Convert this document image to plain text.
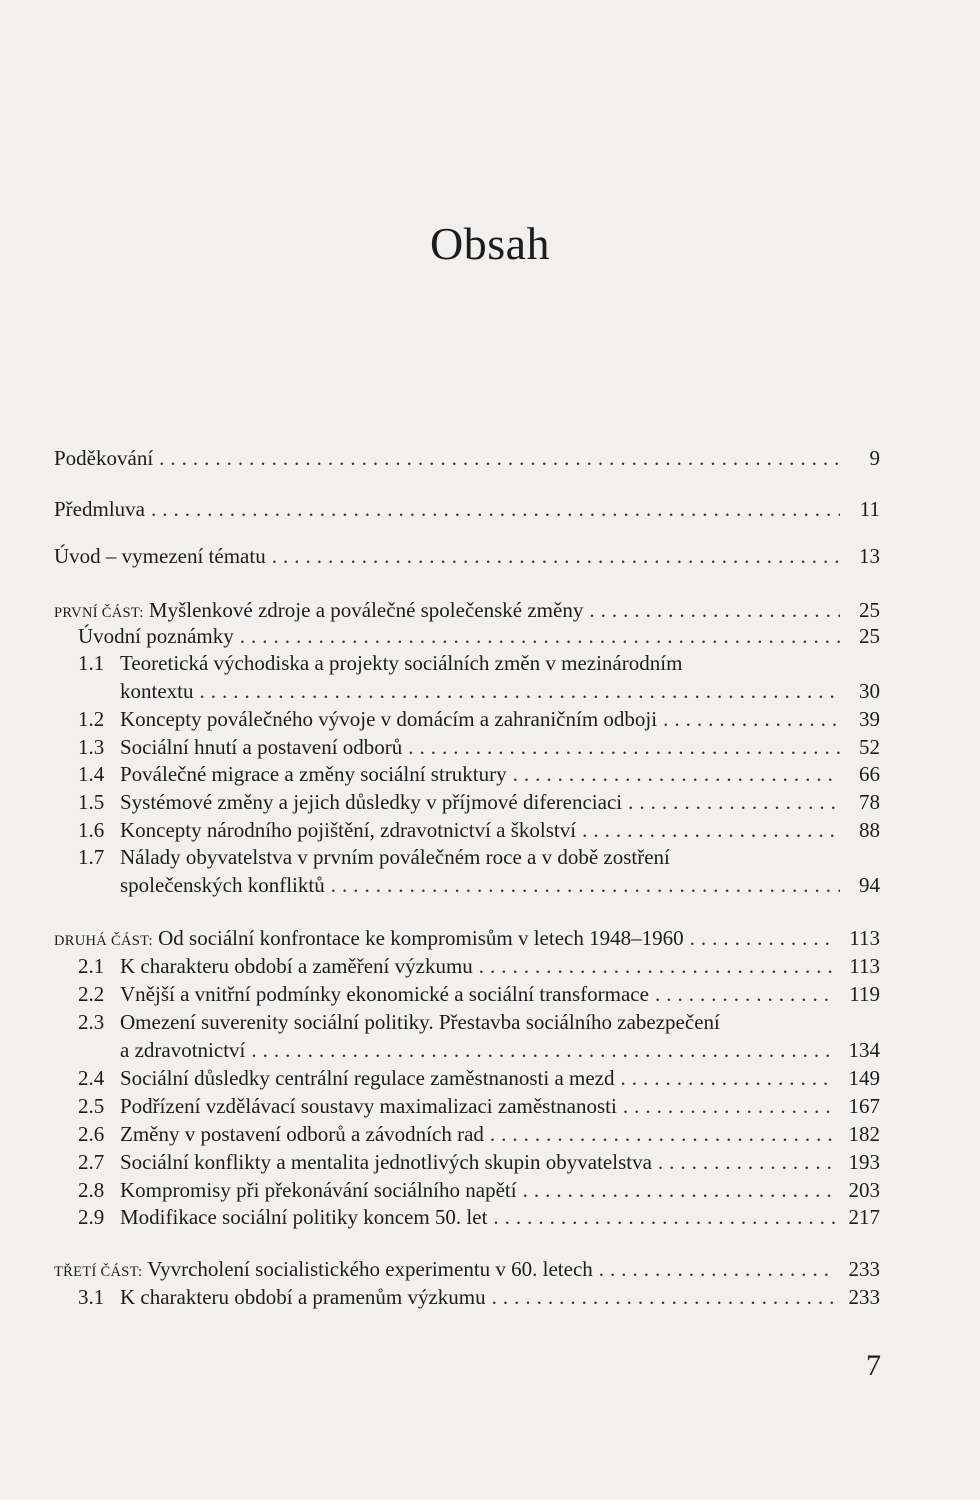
Obsah
Poděkování .....	9
Předmluva .....	11
Úvod – vymezení tématu .....	13
PRVNÍ ČÁST: Myšlenkové zdroje a poválečné společenské změny .....	25
Úvodní poznámky .....	25
1.1 Teoretická východiska a projekty sociálních změn v mezinárodním
kontextu .....	30
1.2 Koncepty poválečného vývoje v domácím a zahraničním odboji .....	39
1.3 Sociální hnutí a postavení odborů .....	52
1.4 Poválečné migrace a změny sociální struktury .....	66
1.5 Systémové změny a jejich důsledky v příjmové diferenciaci .....	78
1.6 Koncepty národního pojištění, zdravotnictví a školství .....	88
1.7 Nálady obyvatelstva v prvním poválečném roce a v době zostření
společenských konfliktů .....	94
DRUHÁ ČÁST: Od sociální konfrontace ke kompromisům v letech 1948–1960 .....	113
2.1 K charakteru období a zaměření výzkumu .....	113
2.2 Vnější a vnitřní podmínky ekonomické a sociální transformace .....	119
2.3 Omezení suverenity sociální politiky. Přestavba sociálního zabezpečení
a zdravotnictví .....	134
2.4 Sociální důsledky centrální regulace zaměstnanosti a mezd .....	149
2.5 Podřízení vzdělávací soustavy maximalizaci zaměstnanosti .....	167
2.6 Změny v postavení odborů a závodních rad .....	182
2.7 Sociální konflikty a mentalita jednotlivých skupin obyvatelstva .....	193
2.8 Kompromisy při překonávání sociálního napětí .....	203
2.9 Modifikace sociální politiky koncem 50. let .....	217
TŘETÍ ČÁST: Vyvrcholení socialistického experimentu v 60. letech .....	233
3.1 K charakteru období a pramenům výzkumu .....	233
7
